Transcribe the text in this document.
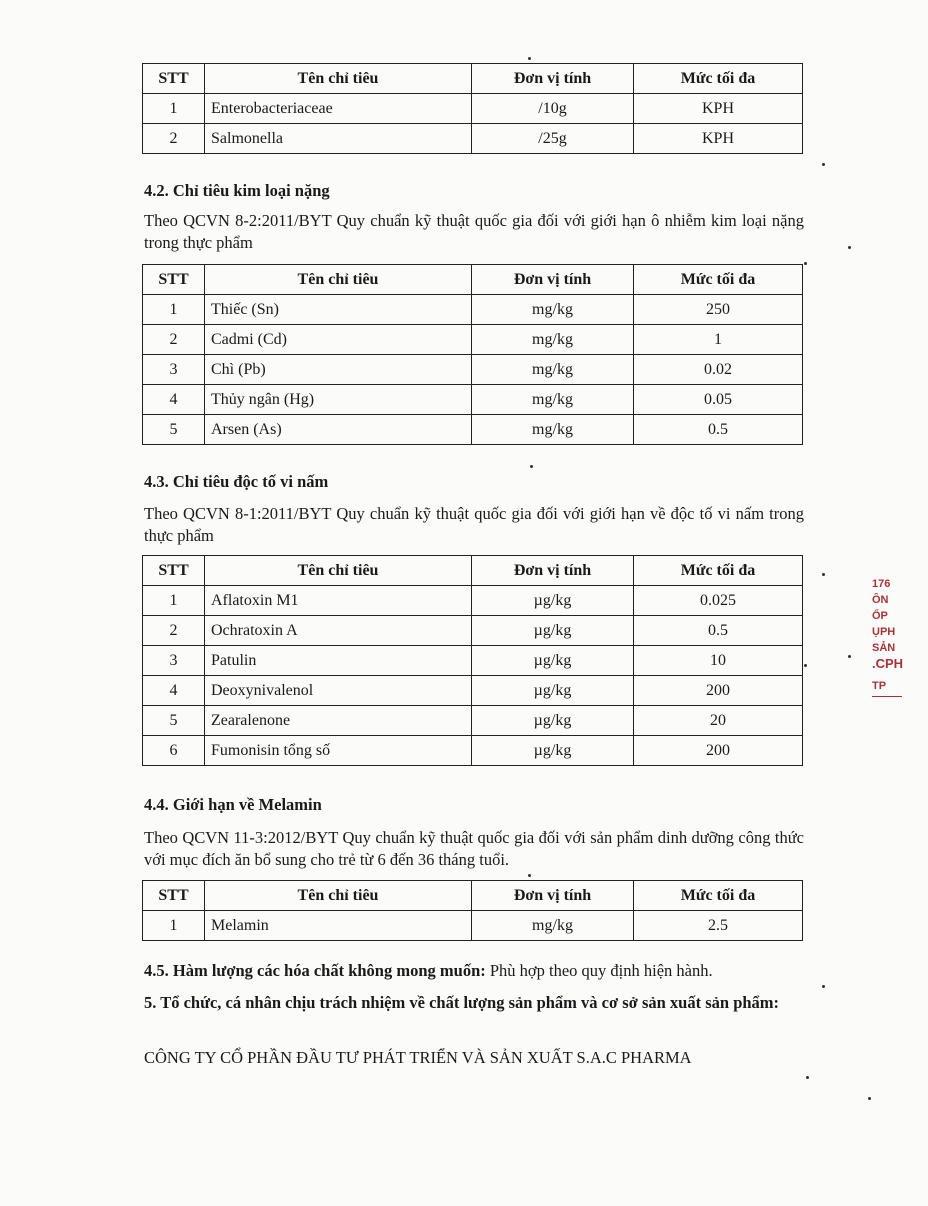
STT	Tên chỉ tiêu	Đơn vị tính	Mức tối đa
1	Enterobacteriaceae	/10g	KPH
2	Salmonella	/25g	KPH

4.2. Chỉ tiêu kim loại nặng

Theo QCVN 8-2:2011/BYT Quy chuẩn kỹ thuật quốc gia đối với giới hạn ô nhiễm kim loại nặng trong thực phẩm

STT	Tên chỉ tiêu	Đơn vị tính	Mức tối đa
1	Thiếc (Sn)	mg/kg	250
2	Cadmi (Cd)	mg/kg	1
3	Chì (Pb)	mg/kg	0.02
4	Thủy ngân (Hg)	mg/kg	0.05
5	Arsen (As)	mg/kg	0.5

4.3. Chỉ tiêu độc tố vi nấm

Theo QCVN 8-1:2011/BYT Quy chuẩn kỹ thuật quốc gia đối với giới hạn về độc tố vi nấm trong thực phẩm

STT	Tên chỉ tiêu	Đơn vị tính	Mức tối đa
1	Aflatoxin M1	µg/kg	0.025
2	Ochratoxin A	µg/kg	0.5
3	Patulin	µg/kg	10
4	Deoxynivalenol	µg/kg	200
5	Zearalenone	µg/kg	20
6	Fumonisin tổng số	µg/kg	200

4.4. Giới hạn về Melamin

Theo QCVN 11-3:2012/BYT Quy chuẩn kỹ thuật quốc gia đối với sản phẩm dinh dưỡng công thức với mục đích ăn bổ sung cho trẻ từ 6 đến 36 tháng tuổi.

STT	Tên chỉ tiêu	Đơn vị tính	Mức tối đa
1	Melamin	mg/kg	2.5

4.5. Hàm lượng các hóa chất không mong muốn: Phù hợp theo quy định hiện hành.

5. Tổ chức, cá nhân chịu trách nhiệm về chất lượng sản phẩm và cơ sở sản xuất sản phẩm:

CÔNG TY CỔ PHẦN ĐẦU TƯ PHÁT TRIỂN VÀ SẢN XUẤT S.A.C PHARMA

176
ÔN
ỔP
ỤPH
SẢN
.CPH
TP
